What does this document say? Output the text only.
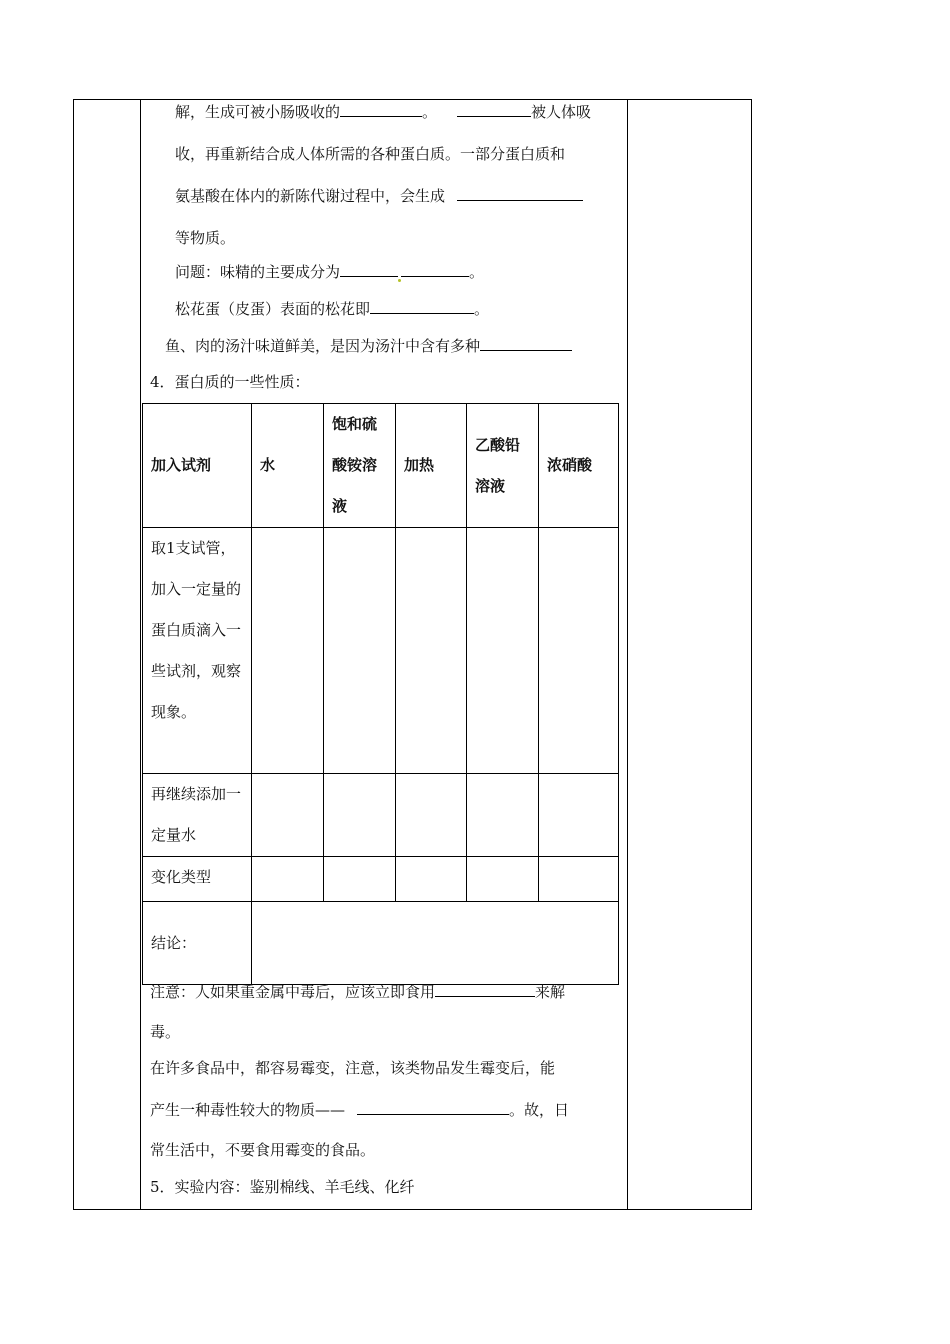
解，生成可被小肠吸收的	。	被人体吸
收，再重新结合成人体所需的各种蛋白质。一部分蛋白质和
氨基酸在体内的新陈代谢过程中，会生成
等物质。
问题：味精的主要成分为	。
松花蛋（皮蛋）表面的松花即	。
鱼、肉的汤汁味道鲜美，是因为汤汁中含有多种
4．蛋白质的一些性质：
加入试剂	水	饱和硫酸铵溶液	加热	乙酸铅溶液	浓硝酸
取1支试管，加入一定量的蛋白质滴入一些试剂，观察现象。					
再继续添加一定量水					
变化类型					
结论：					
注意：人如果重金属中毒后，应该立即食用	来解
毒。
在许多食品中，都容易霉变，注意，该类物品发生霉变后，能
产生一种毒性较大的物质——	。故，日
常生活中，不要食用霉变的食品。
5．实验内容：鉴别棉线、羊毛线、化纤
